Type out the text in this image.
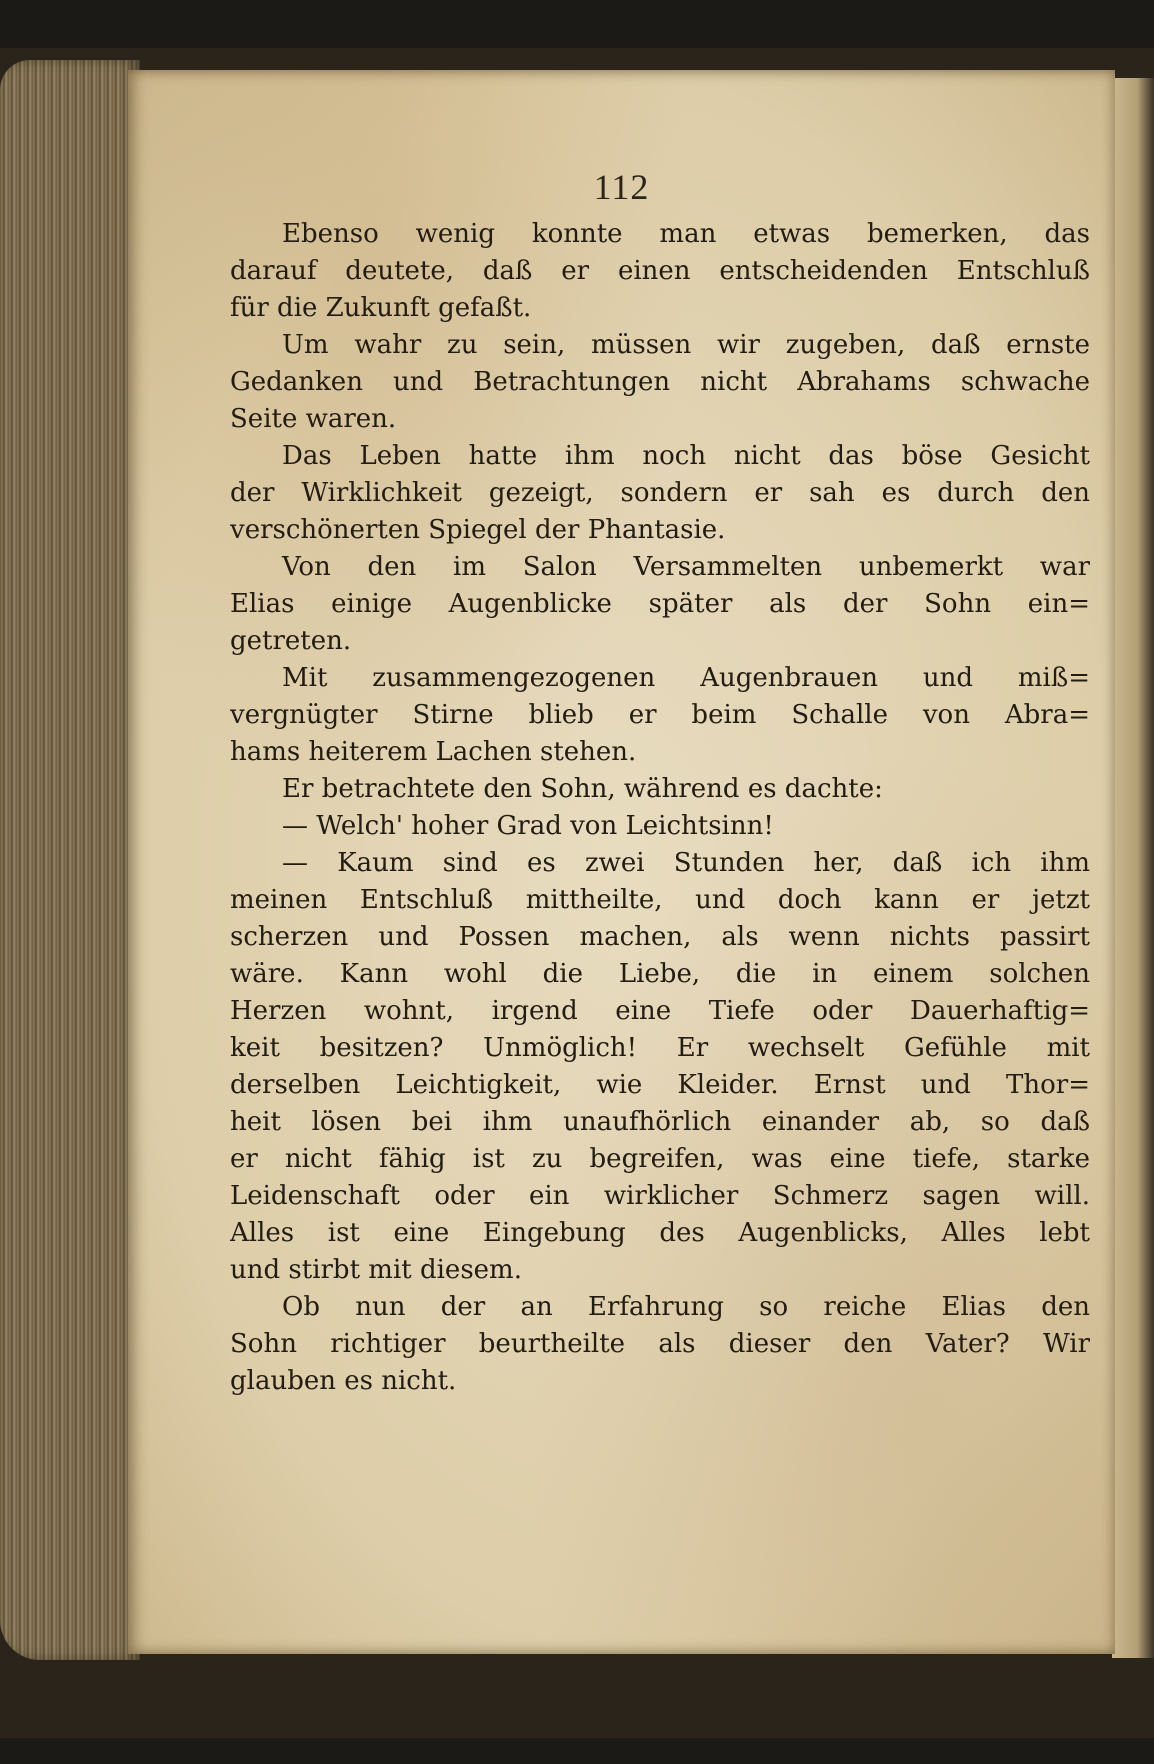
112
Ebenso wenig konnte man etwas bemerken, das
darauf deutete, daß er einen entscheidenden Entschluß
für die Zukunft gefaßt.
Um wahr zu sein, müssen wir zugeben, daß ernste
Gedanken und Betrachtungen nicht Abrahams schwache
Seite waren.
Das Leben hatte ihm noch nicht das böse Gesicht
der Wirklichkeit gezeigt, sondern er sah es durch den
verschönerten Spiegel der Phantasie.
Von den im Salon Versammelten unbemerkt war
Elias einige Augenblicke später als der Sohn ein=
getreten.
Mit zusammengezogenen Augenbrauen und miß=
vergnügter Stirne blieb er beim Schalle von Abra=
hams heiterem Lachen stehen.
Er betrachtete den Sohn, während es dachte:
— Welch' hoher Grad von Leichtsinn!
— Kaum sind es zwei Stunden her, daß ich ihm
meinen Entschluß mittheilte, und doch kann er jetzt
scherzen und Possen machen, als wenn nichts passirt
wäre. Kann wohl die Liebe, die in einem solchen
Herzen wohnt, irgend eine Tiefe oder Dauerhaftig=
keit besitzen? Unmöglich! Er wechselt Gefühle mit
derselben Leichtigkeit, wie Kleider. Ernst und Thor=
heit lösen bei ihm unaufhörlich einander ab, so daß
er nicht fähig ist zu begreifen, was eine tiefe, starke
Leidenschaft oder ein wirklicher Schmerz sagen will.
Alles ist eine Eingebung des Augenblicks, Alles lebt
und stirbt mit diesem.
Ob nun der an Erfahrung so reiche Elias den
Sohn richtiger beurtheilte als dieser den Vater? Wir
glauben es nicht.
